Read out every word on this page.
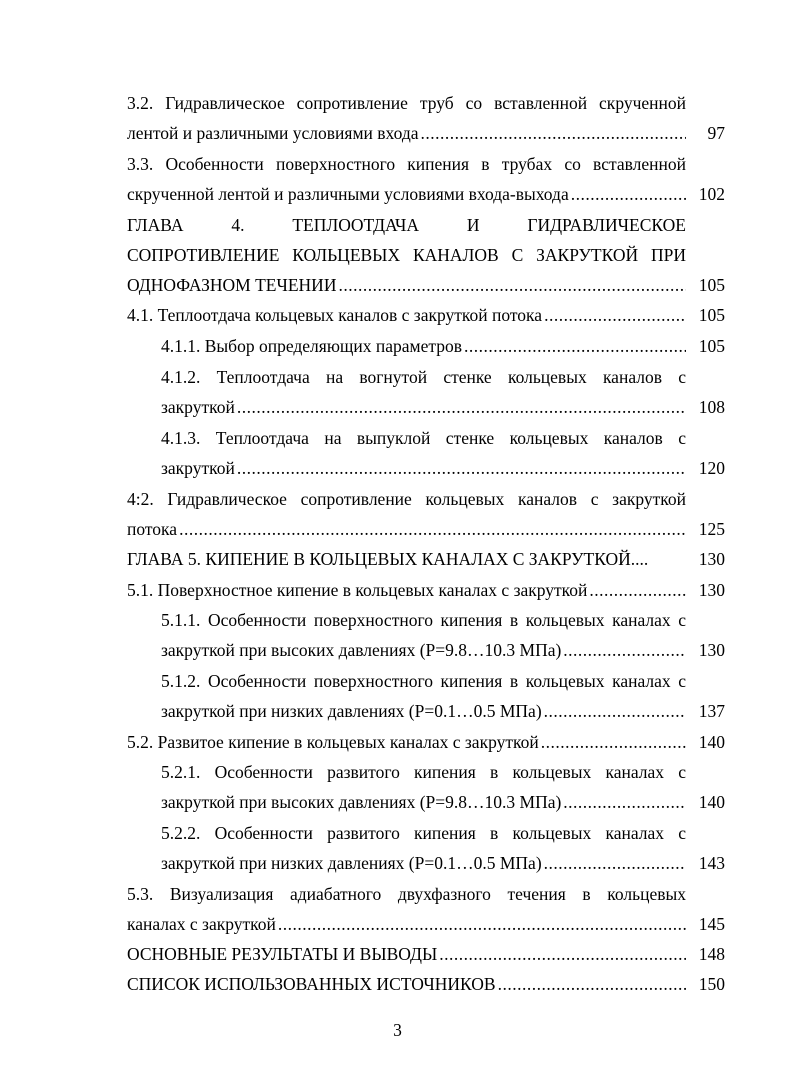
3.2. Гидравлическое сопротивление труб со вставленной скрученной
лентой и различными условиями входа .....	97
3.3. Особенности поверхностного кипения в трубах со вставленной
скрученной лентой и различными условиями входа-выхода .....	102
ГЛАВА 4. ТЕПЛООТДАЧА И ГИДРАВЛИЧЕСКОЕ
СОПРОТИВЛЕНИЕ КОЛЬЦЕВЫХ КАНАЛОВ С ЗАКРУТКОЙ ПРИ
ОДНОФАЗНОМ ТЕЧЕНИИ .....	105
4.1. Теплоотдача кольцевых каналов с закруткой потока .....	105
4.1.1. Выбор определяющих параметров .....	105
4.1.2. Теплоотдача на вогнутой стенке кольцевых каналов с
закруткой .....	108
4.1.3. Теплоотдача на выпуклой стенке кольцевых каналов с
закруткой .....	120
4:2. Гидравлическое сопротивление кольцевых каналов с закруткой
потока .....	125
ГЛАВА 5. КИПЕНИЕ В КОЛЬЦЕВЫХ КАНАЛАХ С ЗАКРУТКОЙ....	130
5.1. Поверхностное кипение в кольцевых каналах с закруткой .....	130
5.1.1. Особенности поверхностного кипения в кольцевых каналах с
закруткой при высоких давлениях (P=9.8…10.3 МПа) .....	130
5.1.2. Особенности поверхностного кипения в кольцевых каналах с
закруткой при низких давлениях (P=0.1…0.5 МПа) .....	137
5.2. Развитое кипение в кольцевых каналах с закруткой .....	140
5.2.1. Особенности развитого кипения в кольцевых каналах с
закруткой при высоких давлениях (P=9.8…10.3 МПа) .....	140
5.2.2. Особенности развитого кипения в кольцевых каналах с
закруткой при низких давлениях (P=0.1…0.5 МПа) .....	143
5.3. Визуализация адиабатного двухфазного течения в кольцевых
каналах с закруткой .....	145
ОСНОВНЫЕ РЕЗУЛЬТАТЫ И ВЫВОДЫ .....	148
СПИСОК ИСПОЛЬЗОВАННЫХ ИСТОЧНИКОВ .....	150
3
